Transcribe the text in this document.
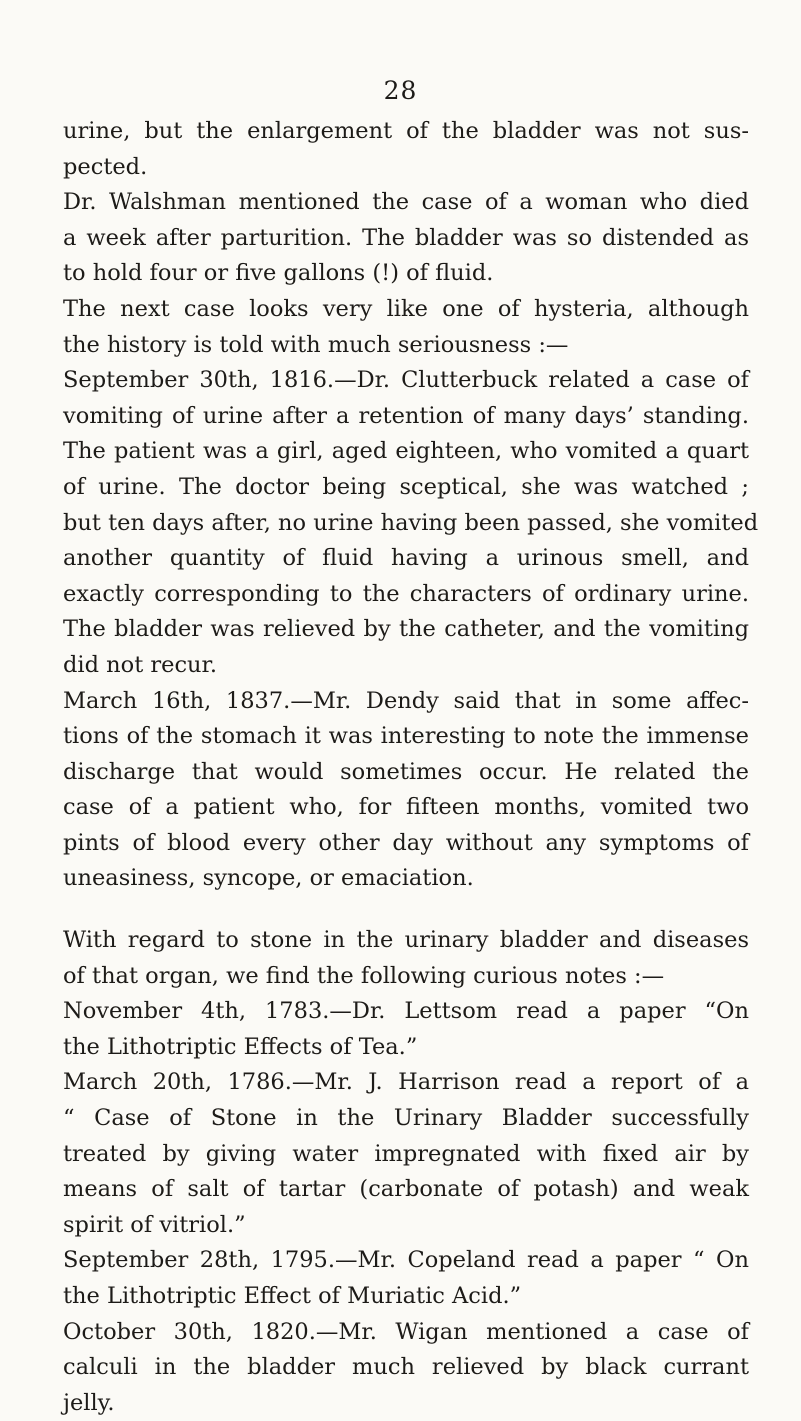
28
urine, but the enlargement of the bladder was not sus-
pected.
Dr. Walshman mentioned the case of a woman who died
a week after parturition. The bladder was so distended as
to hold four or five gallons (!) of fluid.
The next case looks very like one of hysteria, although
the history is told with much seriousness :—
September 30th, 1816.—Dr. Clutterbuck related a case of
vomiting of urine after a retention of many days’ standing.
The patient was a girl, aged eighteen, who vomited a quart
of urine. The doctor being sceptical, she was watched ;
but ten days after, no urine having been passed, she vomited
another quantity of fluid having a urinous smell, and
exactly corresponding to the characters of ordinary urine.
The bladder was relieved by the catheter, and the vomiting
did not recur.
March 16th, 1837.—Mr. Dendy said that in some affec-
tions of the stomach it was interesting to note the immense
discharge that would sometimes occur. He related the
case of a patient who, for fifteen months, vomited two
pints of blood every other day without any symptoms of
uneasiness, syncope, or emaciation.
With regard to stone in the urinary bladder and diseases
of that organ, we find the following curious notes :—
November 4th, 1783.—Dr. Lettsom read a paper “On
the Lithotriptic Effects of Tea.”
March 20th, 1786.—Mr. J. Harrison read a report of a
“ Case of Stone in the Urinary Bladder successfully
treated by giving water impregnated with fixed air by
means of salt of tartar (carbonate of potash) and weak
spirit of vitriol.”
September 28th, 1795.—Mr. Copeland read a paper “ On
the Lithotriptic Effect of Muriatic Acid.”
October 30th, 1820.—Mr. Wigan mentioned a case of
calculi in the bladder much relieved by black currant
jelly.
